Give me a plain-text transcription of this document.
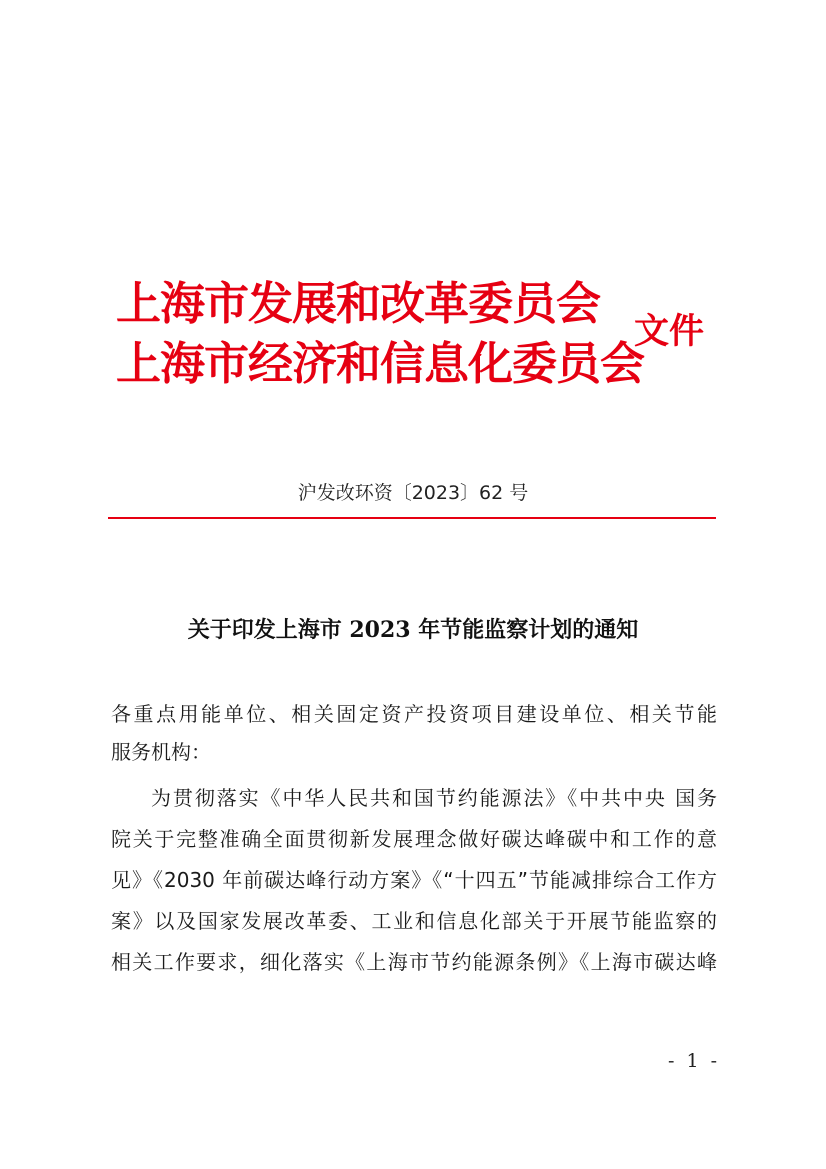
上海市发展和改革委员会
上海市经济和信息化委员会
文件
沪发改环资〔2023〕62 号
关于印发上海市 2023 年节能监察计划的通知
各重点用能单位、相关固定资产投资项目建设单位、相关节能
服务机构：
为贯彻落实《中华人民共和国节约能源法》《中共中央 国务
院关于完整准确全面贯彻新发展理念做好碳达峰碳中和工作的意
见》《2030 年前碳达峰行动方案》《“十四五”节能减排综合工作方
案》以及国家发展改革委、工业和信息化部关于开展节能监察的
相关工作要求，细化落实《上海市节约能源条例》《上海市碳达峰
- 1 -
